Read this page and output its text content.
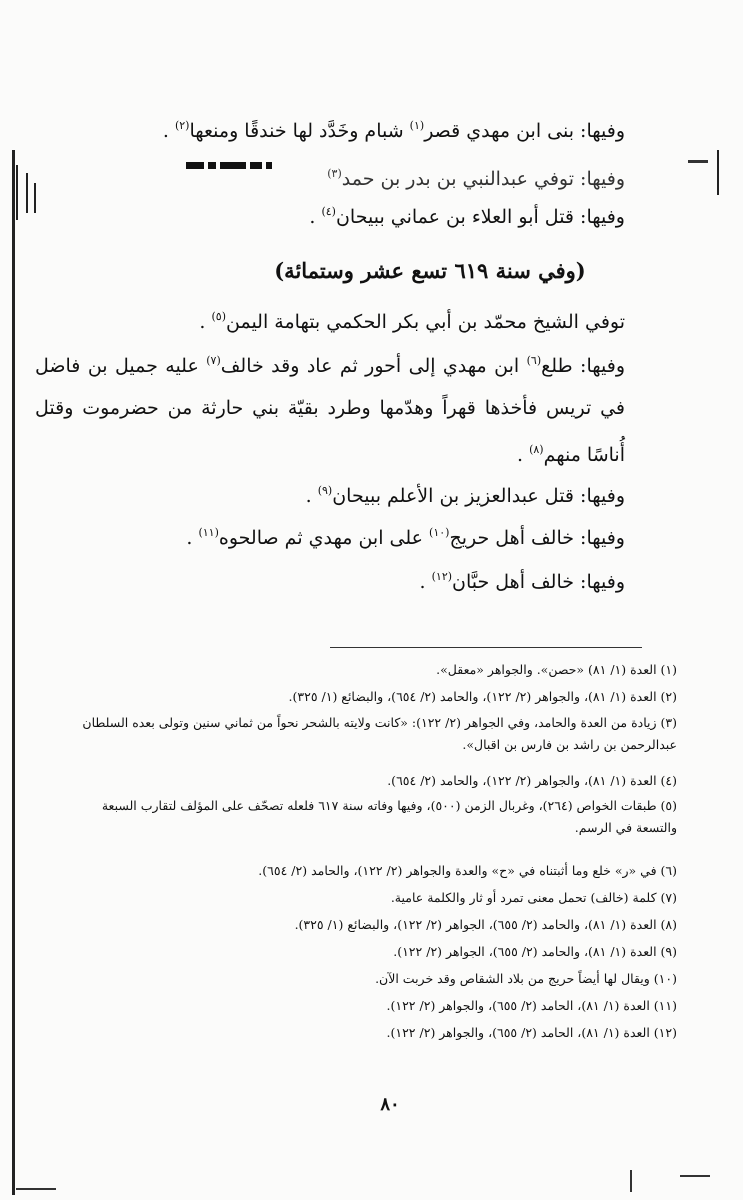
وفيها: بنى ابن مهدي قصر$^{(١)}$ شبام وخَدَّد لها خندقًا ومنعها$^{(٢)}$ .
وفيها: توفي عبدالنبي بن بدر بن حمد$^{(٣)}$
وفيها: قتل أبو العلاء بن عماني ببيحان$^{(٤)}$ .
(وفي سنة ٦١٩ تسع عشر وستمائة)
توفي الشيخ محمّد بن أبي بكر الحكمي بتهامة اليمن$^{(٥)}$ .
وفيها: طلع$^{(٦)}$ ابن مهدي إلى أحور ثم عاد وقد خالف$^{(٧)}$ عليه جميل بن فاضل في تريس فأخذها قهراً وهدّمها وطرد بقيّة بني حارثة من حضرموت وقتل أُناسًا منهم$^{(٨)}$ .
وفيها: قتل عبدالعزيز بن الأعلم ببيحان$^{(٩)}$ .
وفيها: خالف أهل حريج$^{(١٠)}$ على ابن مهدي ثم صالحوه$^{(١١)}$ .
وفيها: خالف أهل حبَّان$^{(١٢)}$ .
(١) العدة (١/ ٨١) «حصن». والجواهر «معقل».
(٢) العدة (١/ ٨١)، والجواهر (٢/ ١٢٢)، والحامد (٢/ ٦٥٤)، والبضائع (١/ ٣٢٥).
(٣) زيادة من العدة والحامد، وفي الجواهر (٢/ ١٢٢): «كانت ولايته بالشحر نحواً من ثماني سنين وتولى بعده السلطان عبدالرحمن بن راشد بن فارس بن اقبال».
(٤) العدة (١/ ٨١)، والجواهر (٢/ ١٢٢)، والحامد (٢/ ٦٥٤).
(٥) طبقات الخواص (٢٦٤)، وغربال الزمن (٥٠٠)، وفيها وفاته سنة ٦١٧ فلعله تصحّف على المؤلف لتقارب السبعة والتسعة في الرسم.
(٦) في «ر» خلع وما أثبتناه في «ح» والعدة والجواهر (٢/ ١٢٢)، والحامد (٢/ ٦٥٤).
(٧) كلمة (خالف) تحمل معنى تمرد أو ثار والكلمة عامية.
(٨) العدة (١/ ٨١)، والحامد (٢/ ٦٥٥)، الجواهر (٢/ ١٢٢)، والبضائع (١/ ٣٢٥).
(٩) العدة (١/ ٨١)، والحامد (٢/ ٦٥٥)، الجواهر (٢/ ١٢٢).
(١٠) ويقال لها أيضاً حريج من بلاد الشقاص وقد خربت الآن.
(١١) العدة (١/ ٨١)، الحامد (٢/ ٦٥٥)، والجواهر (٢/ ١٢٢).
(١٢) العدة (١/ ٨١)، الحامد (٢/ ٦٥٥)، والجواهر (٢/ ١٢٢).
٨٠
